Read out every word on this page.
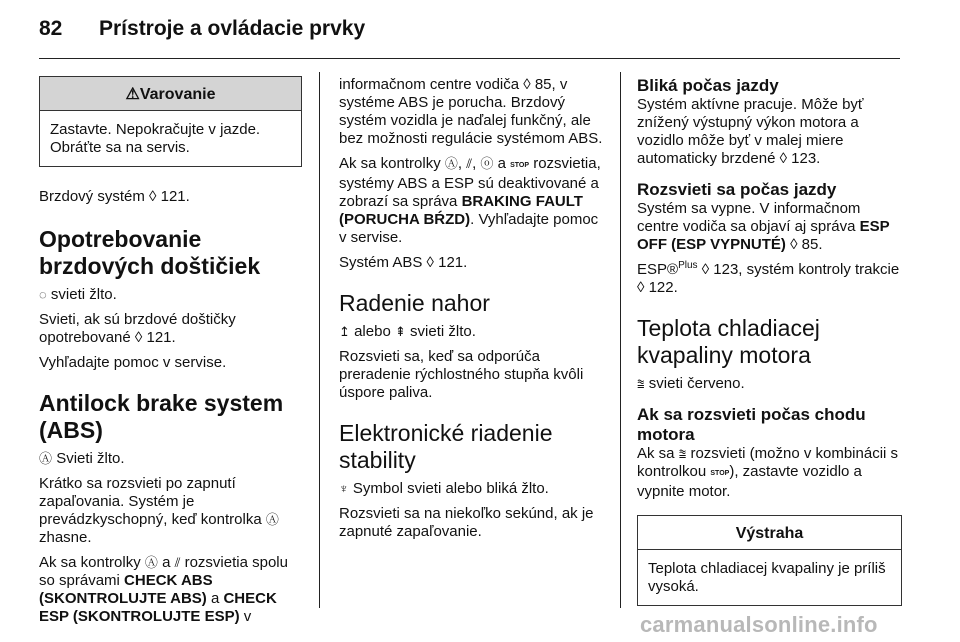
82 Prístroje a ovládacie prvky
⚠Varovanie
Zastavte. Nepokračujte v jazde. Obráťte sa na servis.

Brzdový systém ◊ 121.

Opotrebovanie brzdových doštičiek

◌ svieti žlto.

Svieti, ak sú brzdové doštičky opotrebované ◊ 121.

Vyhľadajte pomoc v servise.

Antilock brake system (ABS)

Ⓐ Svieti žlto.

Krátko sa rozsvieti po zapnutí zapaľovania. Systém je prevádzkyschopný, keď kontrolka Ⓐ zhasne.

Ak sa kontrolky Ⓐ a ⫽ rozsvietia spolu so správami CHECK ABS (SKONTROLUJTE ABS) a CHECK ESP (SKONTROLUJTE ESP) v

informačnom centre vodiča ◊ 85, v systéme ABS je porucha. Brzdový systém vozidla je naďalej funkčný, ale bez možnosti regulácie systémom ABS.

Ak sa kontrolky Ⓐ, ⫽, ⓞ a STOP rozsvietia, systémy ABS a ESP sú deaktivované a zobrazí sa správa BRAKING FAULT (PORUCHA BŔZD). Vyhľadajte pomoc v servise.

Systém ABS ◊ 121.

Radenie nahor

↥ alebo ⇞ svieti žlto.

Rozsvieti sa, keď sa odporúča preradenie rýchlostného stupňa kvôli úspore paliva.

Elektronické riadenie stability

♆ Symbol svieti alebo bliká žlto.

Rozsvieti sa na niekoľko sekúnd, ak je zapnuté zapaľovanie.

Bliká počas jazdy

Systém aktívne pracuje. Môže byť znížený výstupný výkon motora a vozidlo môže byť v malej miere automaticky brzdené ◊ 123.

Rozsvieti sa počas jazdy

Systém sa vypne. V informačnom centre vodiča sa objaví aj správa ESP OFF (ESP VYPNUTÉ) ◊ 85.

ESP®$^{Plus}$ ◊ 123, systém kontroly trakcie ◊ 122.

Teplota chladiacej kvapaliny motora

⩰ svieti červeno.

Ak sa rozsvieti počas chodu motora

Ak sa ⩰ rozsvieti (možno v kombinácii s kontrolkou STOP), zastavte vozidlo a vypnite motor.

Výstraha
Teplota chladiacej kvapaliny je príliš vysoká.
carmanualsonline.info
